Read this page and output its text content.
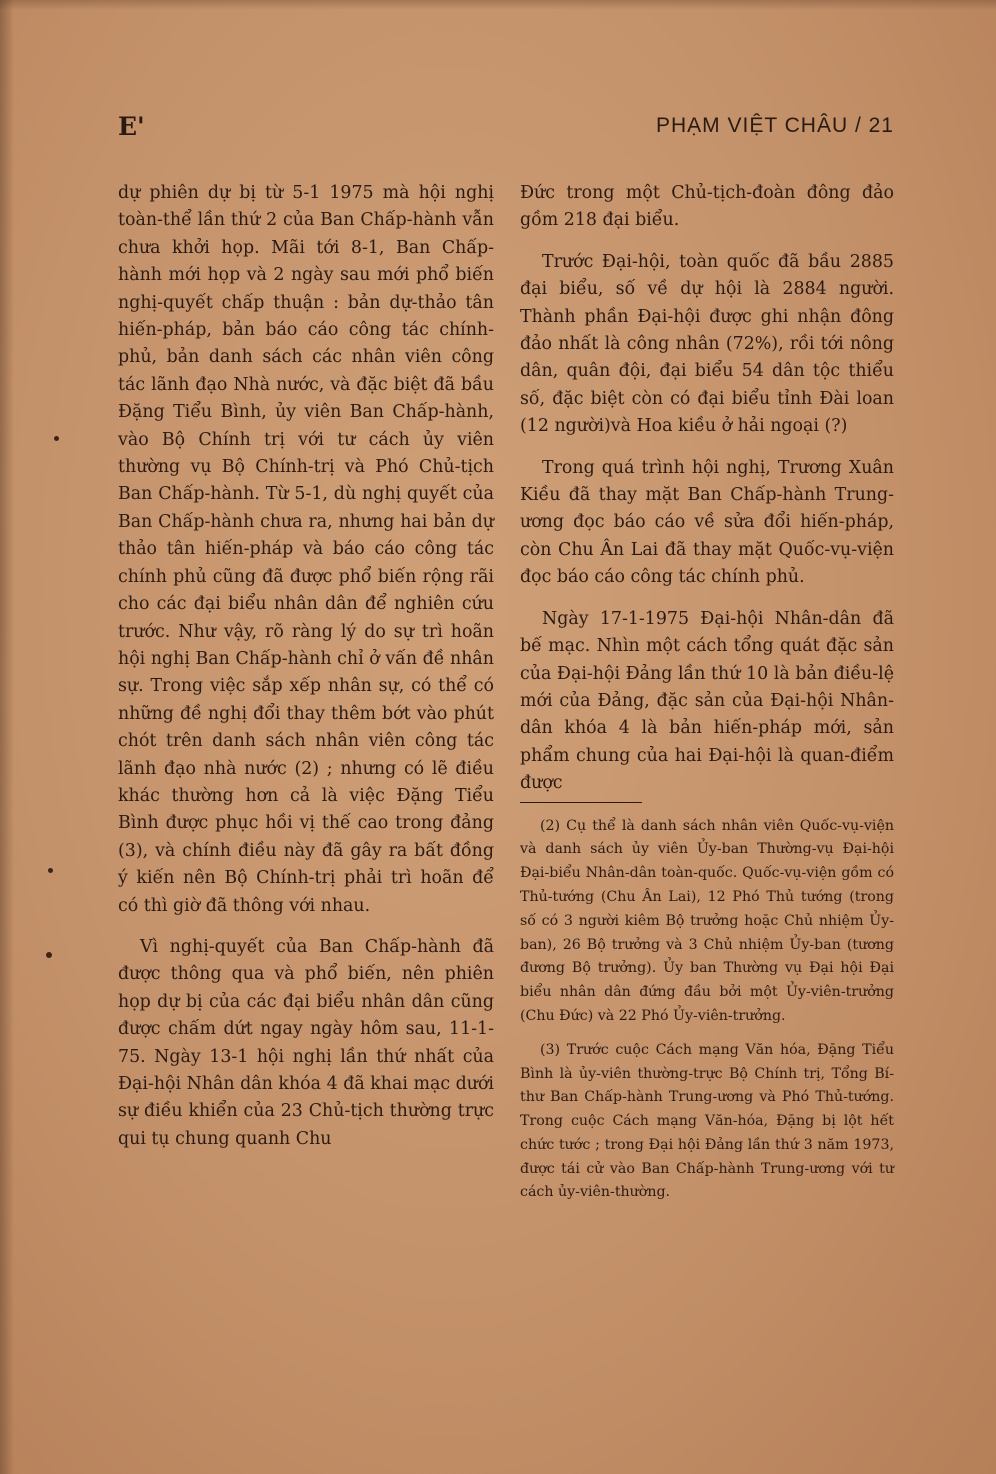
E'	PHẠM VIỆT CHÂU / 21

dự phiên dự bị từ 5-1 1975 mà hội nghị toàn-thể lần thứ 2 của Ban Chấp-hành vẫn chưa khởi họp. Mãi tới 8-1, Ban Chấp-hành mới họp và 2 ngày sau mới phổ biến nghị-quyết chấp thuận : bản dự-thảo tân hiến-pháp, bản báo cáo công tác chính-phủ, bản danh sách các nhân viên công tác lãnh đạo Nhà nước, và đặc biệt đã bầu Đặng Tiểu Bình, ủy viên Ban Chấp-hành, vào Bộ Chính trị với tư cách ủy viên thường vụ Bộ Chính-trị và Phó Chủ-tịch Ban Chấp-hành. Từ 5-1, dù nghị quyết của Ban Chấp-hành chưa ra, nhưng hai bản dự thảo tân hiến-pháp và báo cáo công tác chính phủ cũng đã được phổ biến rộng rãi cho các đại biểu nhân dân để nghiên cứu trước. Như vậy, rõ ràng lý do sự trì hoãn hội nghị Ban Chấp-hành chỉ ở vấn đề nhân sự. Trong việc sắp xếp nhân sự, có thể có những đề nghị đổi thay thêm bớt vào phút chót trên danh sách nhân viên công tác lãnh đạo nhà nước (2) ; nhưng có lẽ điều khác thường hơn cả là việc Đặng Tiểu Bình được phục hồi vị thế cao trong đảng (3), và chính điều này đã gây ra bất đồng ý kiến nên Bộ Chính-trị phải trì hoãn để có thì giờ đã thông với nhau.

Vì nghị-quyết của Ban Chấp-hành đã được thông qua và phổ biến, nên phiên họp dự bị của các đại biểu nhân dân cũng được chấm dứt ngay ngày hôm sau, 11-1-75. Ngày 13-1 hội nghị lần thứ nhất của Đại-hội Nhân dân khóa 4 đã khai mạc dưới sự điều khiển của 23 Chủ-tịch thường trực qui tụ chung quanh Chu

Đức trong một Chủ-tịch-đoàn đông đảo gồm 218 đại biểu.

Trước Đại-hội, toàn quốc đã bầu 2885 đại biểu, số về dự hội là 2884 người. Thành phần Đại-hội được ghi nhận đông đảo nhất là công nhân (72%), rồi tới nông dân, quân đội, đại biểu 54 dân tộc thiểu số, đặc biệt còn có đại biểu tỉnh Đài loan (12 người)và Hoa kiều ở hải ngoại (?)

Trong quá trình hội nghị, Trương Xuân Kiều đã thay mặt Ban Chấp-hành Trung-ương đọc báo cáo về sửa đổi hiến-pháp, còn Chu Ân Lai đã thay mặt Quốc-vụ-viện đọc báo cáo công tác chính phủ.

Ngày 17-1-1975 Đại-hội Nhân-dân đã bế mạc. Nhìn một cách tổng quát đặc sản của Đại-hội Đảng lần thứ 10 là bản điều-lệ mới của Đảng, đặc sản của Đại-hội Nhân-dân khóa 4 là bản hiến-pháp mới, sản phẩm chung của hai Đại-hội là quan-điểm được

(2) Cụ thể là danh sách nhân viên Quốc-vụ-viện và danh sách ủy viên Ủy-ban Thường-vụ Đại-hội Đại-biểu Nhân-dân toàn-quốc. Quốc-vụ-viện gồm có Thủ-tướng (Chu Ân Lai), 12 Phó Thủ tướng (trong số có 3 người kiêm Bộ trưởng hoặc Chủ nhiệm Ủy-ban), 26 Bộ trưởng và 3 Chủ nhiệm Ủy-ban (tương đương Bộ trưởng). Ủy ban Thường vụ Đại hội Đại biểu nhân dân đứng đầu bởi một Ủy-viên-trưởng (Chu Đức) và 22 Phó Ủy-viên-trưởng.

(3) Trước cuộc Cách mạng Văn hóa, Đặng Tiểu Bình là ủy-viên thường-trực Bộ Chính trị, Tổng Bí-thư Ban Chấp-hành Trung-ương và Phó Thủ-tướng. Trong cuộc Cách mạng Văn-hóa, Đặng bị lột hết chức tước ; trong Đại hội Đảng lần thứ 3 năm 1973, được tái cử vào Ban Chấp-hành Trung-ương với tư cách ủy-viên-thường.
